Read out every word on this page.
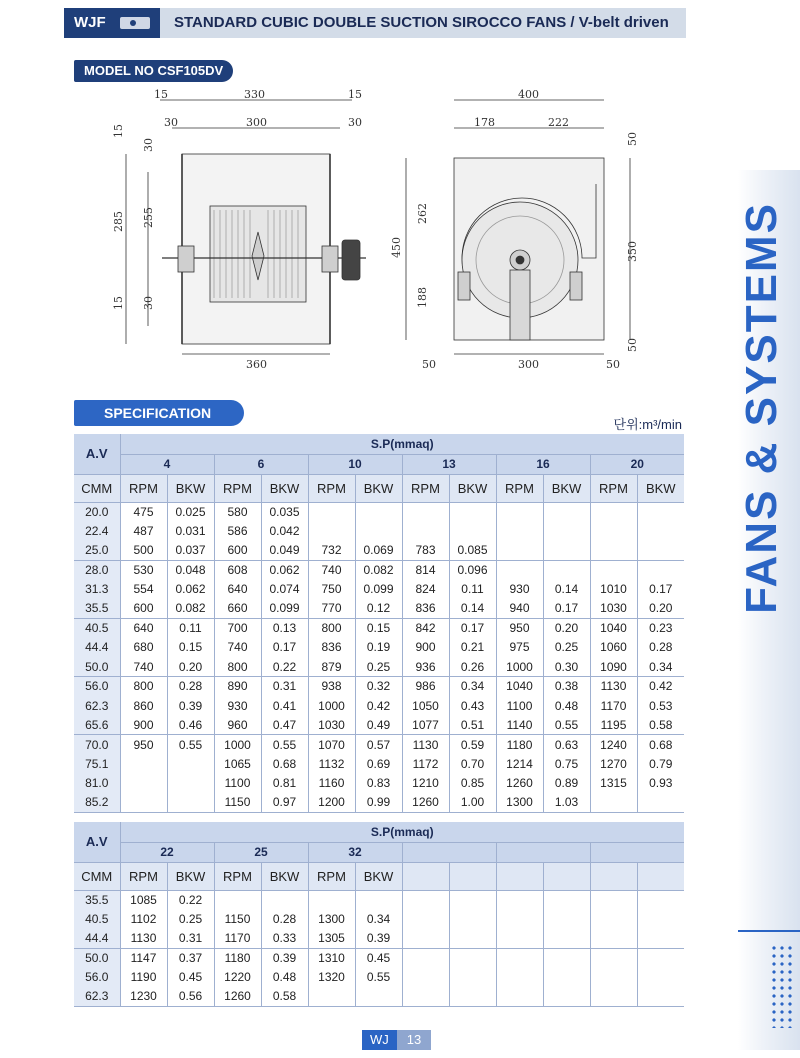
WJF	STANDARD CUBIC DOUBLE SUCTION SIROCCO FANS / V-belt driven
MODEL NO CSF105DV
15	330	15
30	300	30
15
30
285 255
15 30
360
400
178	222
50
262
450	350
188
50
50	300	50
SPECIFICATION
단위:m³/min
A.V	S.P(mmaq)											
	4		6		10		13		16		20	
CMM	RPM	BKW	RPM	BKW	RPM	BKW	RPM	BKW	RPM	BKW	RPM	BKW
20.0	475	0.025	580	0.035								
22.4	487	0.031	586	0.042								
25.0	500	0.037	600	0.049	732	0.069	783	0.085				
28.0	530	0.048	608	0.062	740	0.082	814	0.096				
31.3	554	0.062	640	0.074	750	0.099	824	0.11	930	0.14	1010	0.17
35.5	600	0.082	660	0.099	770	0.12	836	0.14	940	0.17	1030	0.20
40.5	640	0.11	700	0.13	800	0.15	842	0.17	950	0.20	1040	0.23
44.4	680	0.15	740	0.17	836	0.19	900	0.21	975	0.25	1060	0.28
50.0	740	0.20	800	0.22	879	0.25	936	0.26	1000	0.30	1090	0.34
56.0	800	0.28	890	0.31	938	0.32	986	0.34	1040	0.38	1130	0.42
62.3	860	0.39	930	0.41	1000	0.42	1050	0.43	1100	0.48	1170	0.53
65.6	900	0.46	960	0.47	1030	0.49	1077	0.51	1140	0.55	1195	0.58
70.0	950	0.55	1000	0.55	1070	0.57	1130	0.59	1180	0.63	1240	0.68
75.1			1065	0.68	1132	0.69	1172	0.70	1214	0.75	1270	0.79
81.0			1100	0.81	1160	0.83	1210	0.85	1260	0.89	1315	0.93
85.2			1150	0.97	1200	0.99	1260	1.00	1300	1.03		
A.V	S.P(mmaq)											
	22		25		32							
CMM	RPM	BKW	RPM	BKW	RPM	BKW						
35.5	1085	0.22										
40.5	1102	0.25	1150	0.28	1300	0.34						
44.4	1130	0.31	1170	0.33	1305	0.39						
50.0	1147	0.37	1180	0.39	1310	0.45						
56.0	1190	0.45	1220	0.48	1320	0.55						
62.3	1230	0.56	1260	0.58								
FANS & SYSTEMS
WJ	13
